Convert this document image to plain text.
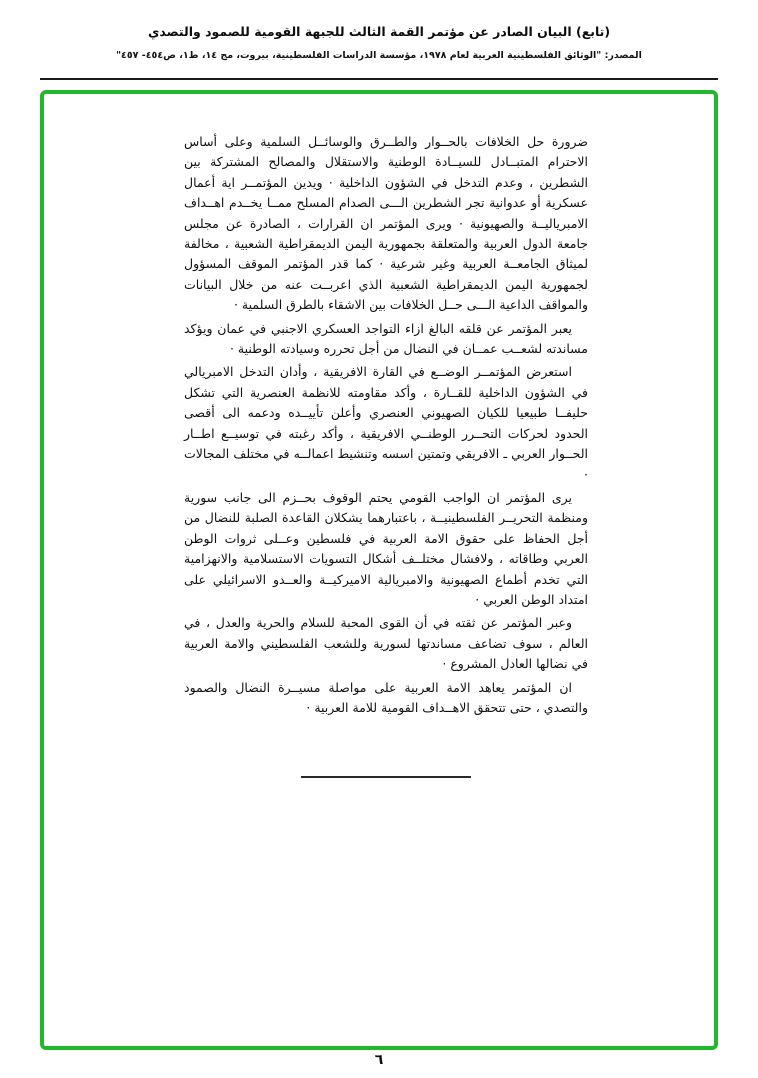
(تابع) البيان الصادر عن مؤتمر القمة الثالث للجبهة القومية للصمود والتصدي
المصدر: "الوثائق الفلسطينية العربية لعام ١٩٧٨، مؤسسة الدراسات الفلسطينية، بيروت، مج ١٤، ط١، ص٤٥٤- ٤٥٧"

ضرورة حل الخلافات بالحــوار والطــرق والوسائــل السلمية وعلى أساس الاحترام المتبــادل للسيــادة الوطنية والاستقلال والمصالح المشتركة بين الشطرين ، وعدم التدخل في الشؤون الداخلية · ويدين المؤتمــر اية أعمال عسكرية أو عدوانية تجر الشطرين الـــى الصدام المسلح ممــا يخــدم اهــداف الامبرياليــة والصهيونية · ويرى المؤتمر ان القرارات ، الصادرة عن مجلس جامعة الدول العربية والمتعلقة بجمهورية اليمن الديمقراطية الشعبية ، مخالفة لميثاق الجامعــة العربية وغير شرعية · كما قدر المؤتمر الموقف المسؤول لجمهورية اليمن الديمقراطية الشعبية الذي اعربــت عنه من خلال البيانات والمواقف الداعية الـــى حــل الخلافات بين الاشقاء بالطرق السلمية ·

يعبر المؤتمر عن قلقه البالغ ازاء التواجد العسكري الاجنبي في عمان ويؤكد مساندته لشعــب عمــان في النضال من أجل تحرره وسيادته الوطنية ·

استعرض المؤتمــر الوضــع في القارة الافريقية ، وأدان التدخل الامبريالي في الشؤون الداخلية للقــارة ، وأكد مقاومته للانظمة العنصرية التي تشكل حليفــا طبيعيا للكيان الصهيوني العنصري وأعلن تأييــده ودعمه الى أقصى الحدود لحركات التحــرر الوطنــي الافريقية ، وأكد رغبته في توسيــع اطــار الحــوار العربي ـ الافريقي وتمتين اسسه وتنشيط اعمالــه في مختلف المجالات ·

يرى المؤتمر ان الواجب القومي يحتم الوقوف بحــزم الى جانب سورية ومنظمة التحريــر الفلسطينيــة ، باعتبارهما يشكلان القاعدة الصلبة للنضال من أجل الحفاظ على حقوق الامة العربية في فلسطين وعــلى ثروات الوطن العربي وطاقاته ، ولافشال مختلــف أشكال التسويات الاستسلامية والانهزامية التي تخدم أطماع الصهيونية والامبريالية الاميركيــة والعــدو الاسرائيلي على امتداد الوطن العربي ·

وعبر المؤتمر عن ثقته في أن القوى المحبة للسلام والحرية والعدل ، في العالم ، سوف تضاعف مساندتها لسورية وللشعب الفلسطيني والامة العربية في نضالها العادل المشروع ·

ان المؤتمر يعاهد الامة العربية على مواصلة مسيــرة النضال والصمود والتصدي ، حتى تتحقق الاهــداف القومية للامة العربية ·

٦
